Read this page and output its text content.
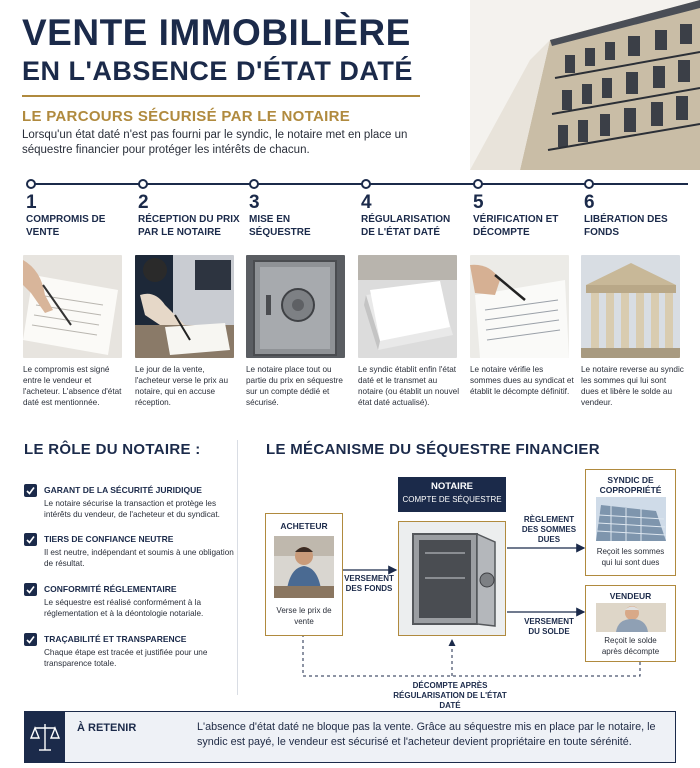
VENTE IMMOBILIÈRE
EN L'ABSENCE D'ÉTAT DATÉ
LE PARCOURS SÉCURISÉ PAR LE NOTAIRE
Lorsqu'un état daté n'est pas fourni par le syndic, le notaire met en place un séquestre financier pour protéger les intérêts de chacun.
1
COMPROMIS DE VENTE
Le compromis est signé entre le vendeur et l'acheteur. L'absence d'état daté est mentionnée.
2
RÉCEPTION DU PRIX PAR LE NOTAIRE
Le jour de la vente, l'acheteur verse le prix au notaire, qui en accuse réception.
3
MISE EN SÉQUESTRE
Le notaire place tout ou partie du prix en séquestre sur un compte dédié et sécurisé.
4
RÉGULARISATION DE L'ÉTAT DATÉ
Le syndic établit enfin l'état daté et le transmet au notaire (ou établit un nouvel état daté actualisé).
5
VÉRIFICATION ET DÉCOMPTE
Le notaire vérifie les sommes dues au syndicat et établit le décompte définitif.
6
LIBÉRATION DES FONDS
Le notaire reverse au syndic les sommes qui lui sont dues et libère le solde au vendeur.
LE RÔLE DU NOTAIRE :
GARANT DE LA SÉCURITÉ JURIDIQUE
Le notaire sécurise la transaction et protège les intérêts du vendeur, de l'acheteur et du syndicat.
TIERS DE CONFIANCE NEUTRE
Il est neutre, indépendant et soumis à une obligation de résultat.
CONFORMITÉ RÉGLEMENTAIRE
Le séquestre est réalisé conformément à la réglementation et à la déontologie notariale.
TRAÇABILITÉ ET TRANSPARENCE
Chaque étape est tracée et justifiée pour une transparence totale.
LE MÉCANISME DU SÉQUESTRE FINANCIER
ACHETEUR
Verse le prix de vente
VERSEMENT DES FONDS
NOTAIRE
COMPTE DE SÉQUESTRE
RÈGLEMENT DES SOMMES DUES
VERSEMENT DU SOLDE
SYNDIC DE COPROPRIÉTÉ
Reçoit les sommes qui lui sont dues
VENDEUR
Reçoit le solde après décompte
DÉCOMPTE APRÈS RÉGULARISATION DE L'ÉTAT DATÉ
À RETENIR	L'absence d'état daté ne bloque pas la vente. Grâce au séquestre mis en place par le notaire, le syndic est payé, le vendeur est sécurisé et l'acheteur devient propriétaire en toute sérénité.
